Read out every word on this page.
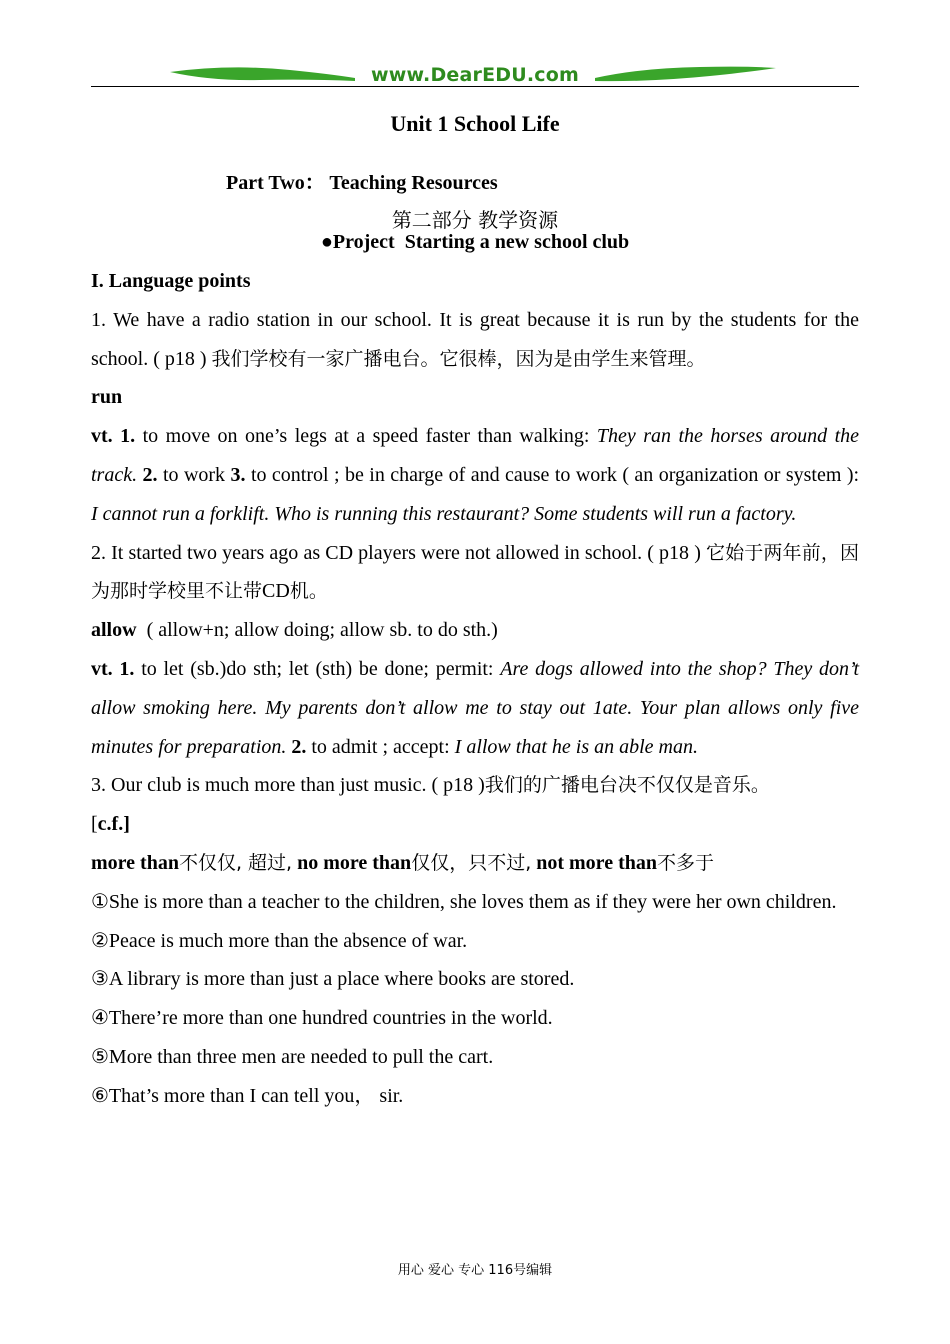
www.DearEDU.com
Unit 1 School Life
Part Two： Teaching Resources
第二部分 教学资源
●Project Starting a new school club

I. Language points

1. We have a radio station in our school. It is great because it is run by the students for the school. ( p18 ) 我们学校有一家广播电台。它很棒，因为是由学生来管理。

run

vt. 1. to move on one’s legs at a speed faster than walking: They ran the horses around the track. 2. to work 3. to control ; be in charge of and cause to work ( an organization or system ): I cannot run a forklift. Who is running this restaurant? Some students will run a factory.

2. It started two years ago as CD players were not allowed in school. ( p18 ) 它始于两年前，因为那时学校里不让带CD机。

allow ( allow+n; allow doing; allow sb. to do sth.)

vt. 1. to let (sb.)do sth; let (sth) be done; permit: Are dogs allowed into the shop? They don’t allow smoking here. My parents don’t allow me to stay out 1ate. Your plan allows only five minutes for preparation. 2. to admit ; accept: I allow that he is an able man.

3. Our club is much more than just music. ( p18 )我们的广播电台决不仅仅是音乐。

[c.f.]

more than不仅仅, 超过, no more than仅仅，只不过, not more than不多于

①She is more than a teacher to the children, she loves them as if they were her own children.

②Peace is much more than the absence of war.

③A library is more than just a place where books are stored.

④There’re more than one hundred countries in the world.

⑤More than three men are needed to pull the cart.

⑥That’s more than I can tell you， sir.

用心 爱心 专心 116号编辑
